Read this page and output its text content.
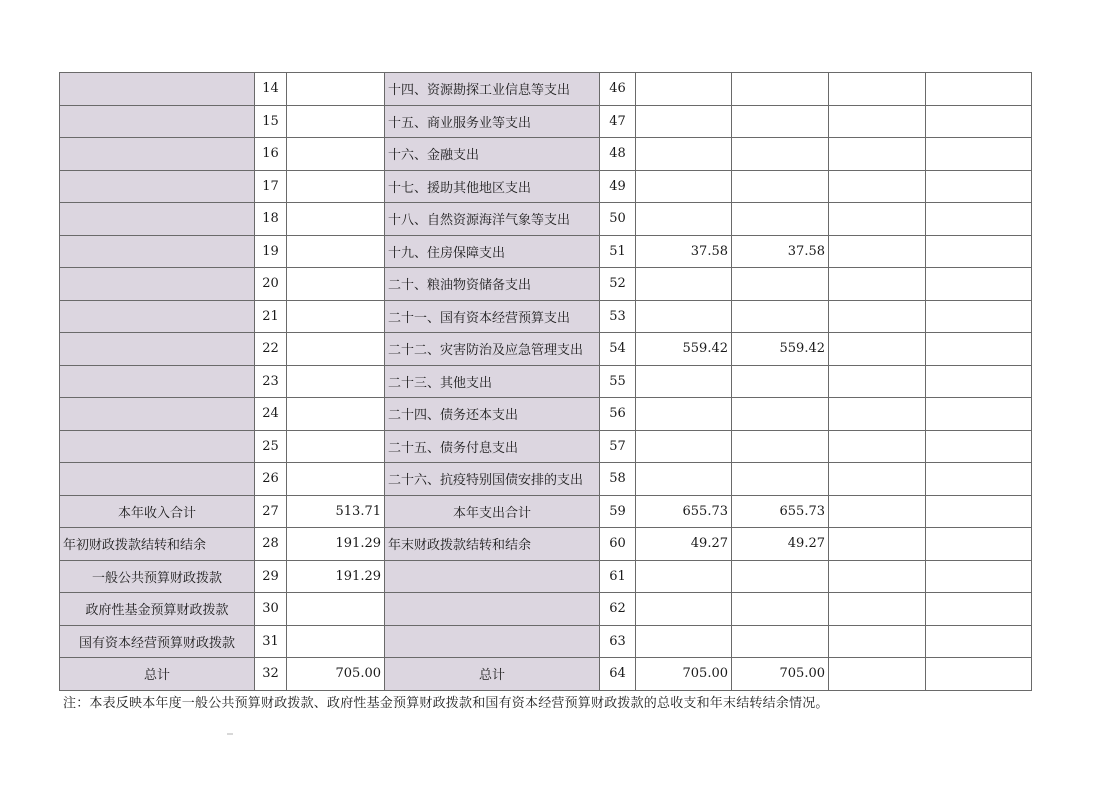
	14		十四、资源勘探工业信息等支出	46				
	15		十五、商业服务业等支出	47				
	16		十六、金融支出	48				
	17		十七、援助其他地区支出	49				
	18		十八、自然资源海洋气象等支出	50				
	19		十九、住房保障支出	51	37.58	37.58		
	20		二十、粮油物资储备支出	52				
	21		二十一、国有资本经营预算支出	53				
	22		二十二、灾害防治及应急管理支出	54	559.42	559.42		
	23		二十三、其他支出	55				
	24		二十四、债务还本支出	56				
	25		二十五、债务付息支出	57				
	26		二十六、抗疫特别国债安排的支出	58				
本年收入合计	27	513.71	本年支出合计	59	655.73	655.73		
年初财政拨款结转和结余	28	191.29	年末财政拨款结转和结余	60	49.27	49.27		
一般公共预算财政拨款	29	191.29		61				
政府性基金预算财政拨款	30			62				
国有资本经营预算财政拨款	31			63				
总计	32	705.00	总计	64	705.00	705.00		
注：本表反映本年度一般公共预算财政拨款、政府性基金预算财政拨款和国有资本经营预算财政拨款的总收支和年末结转结余情况。
